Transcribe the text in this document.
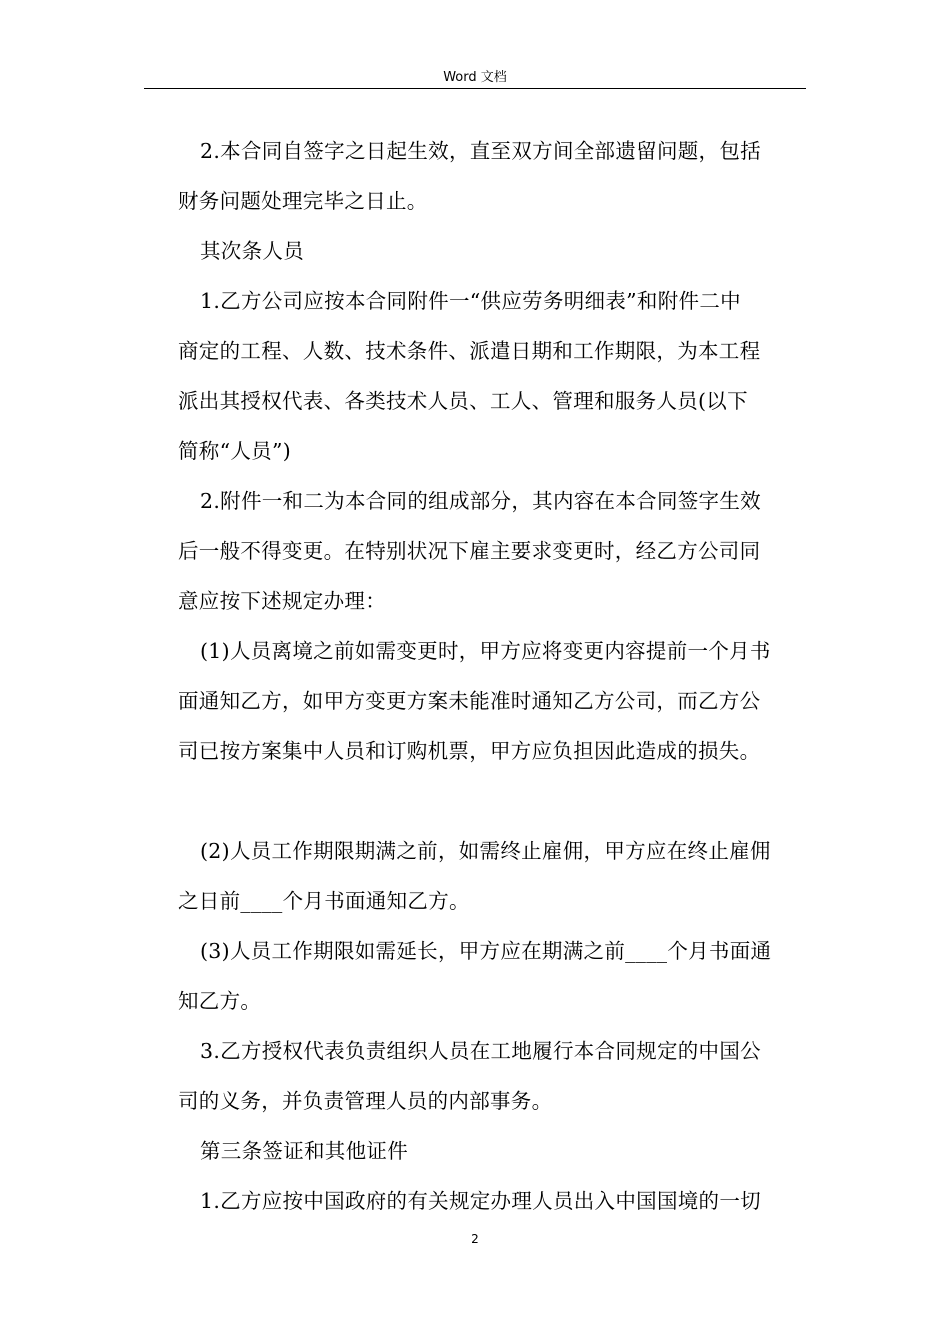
Word 文档
2.本合同自签字之日起生效，直至双方间全部遗留问题，包括
财务问题处理完毕之日止。
其次条人员
1.乙方公司应按本合同附件一“供应劳务明细表”和附件二中
商定的工程、人数、技术条件、派遣日期和工作期限，为本工程
派出其授权代表、各类技术人员、工人、管理和服务人员(以下
简称“人员”)
2.附件一和二为本合同的组成部分，其内容在本合同签字生效
后一般不得变更。在特别状况下雇主要求变更时，经乙方公司同
意应按下述规定办理：
(1)人员离境之前如需变更时，甲方应将变更内容提前一个月书
面通知乙方，如甲方变更方案未能准时通知乙方公司，而乙方公
司已按方案集中人员和订购机票，甲方应负担因此造成的损失。
(2)人员工作期限期满之前，如需终止雇佣，甲方应在终止雇佣
之日前____个月书面通知乙方。
(3)人员工作期限如需延长，甲方应在期满之前____个月书面通
知乙方。
3.乙方授权代表负责组织人员在工地履行本合同规定的中国公
司的义务，并负责管理人员的内部事务。
第三条签证和其他证件
1.乙方应按中国政府的有关规定办理人员出入中国国境的一切
2
